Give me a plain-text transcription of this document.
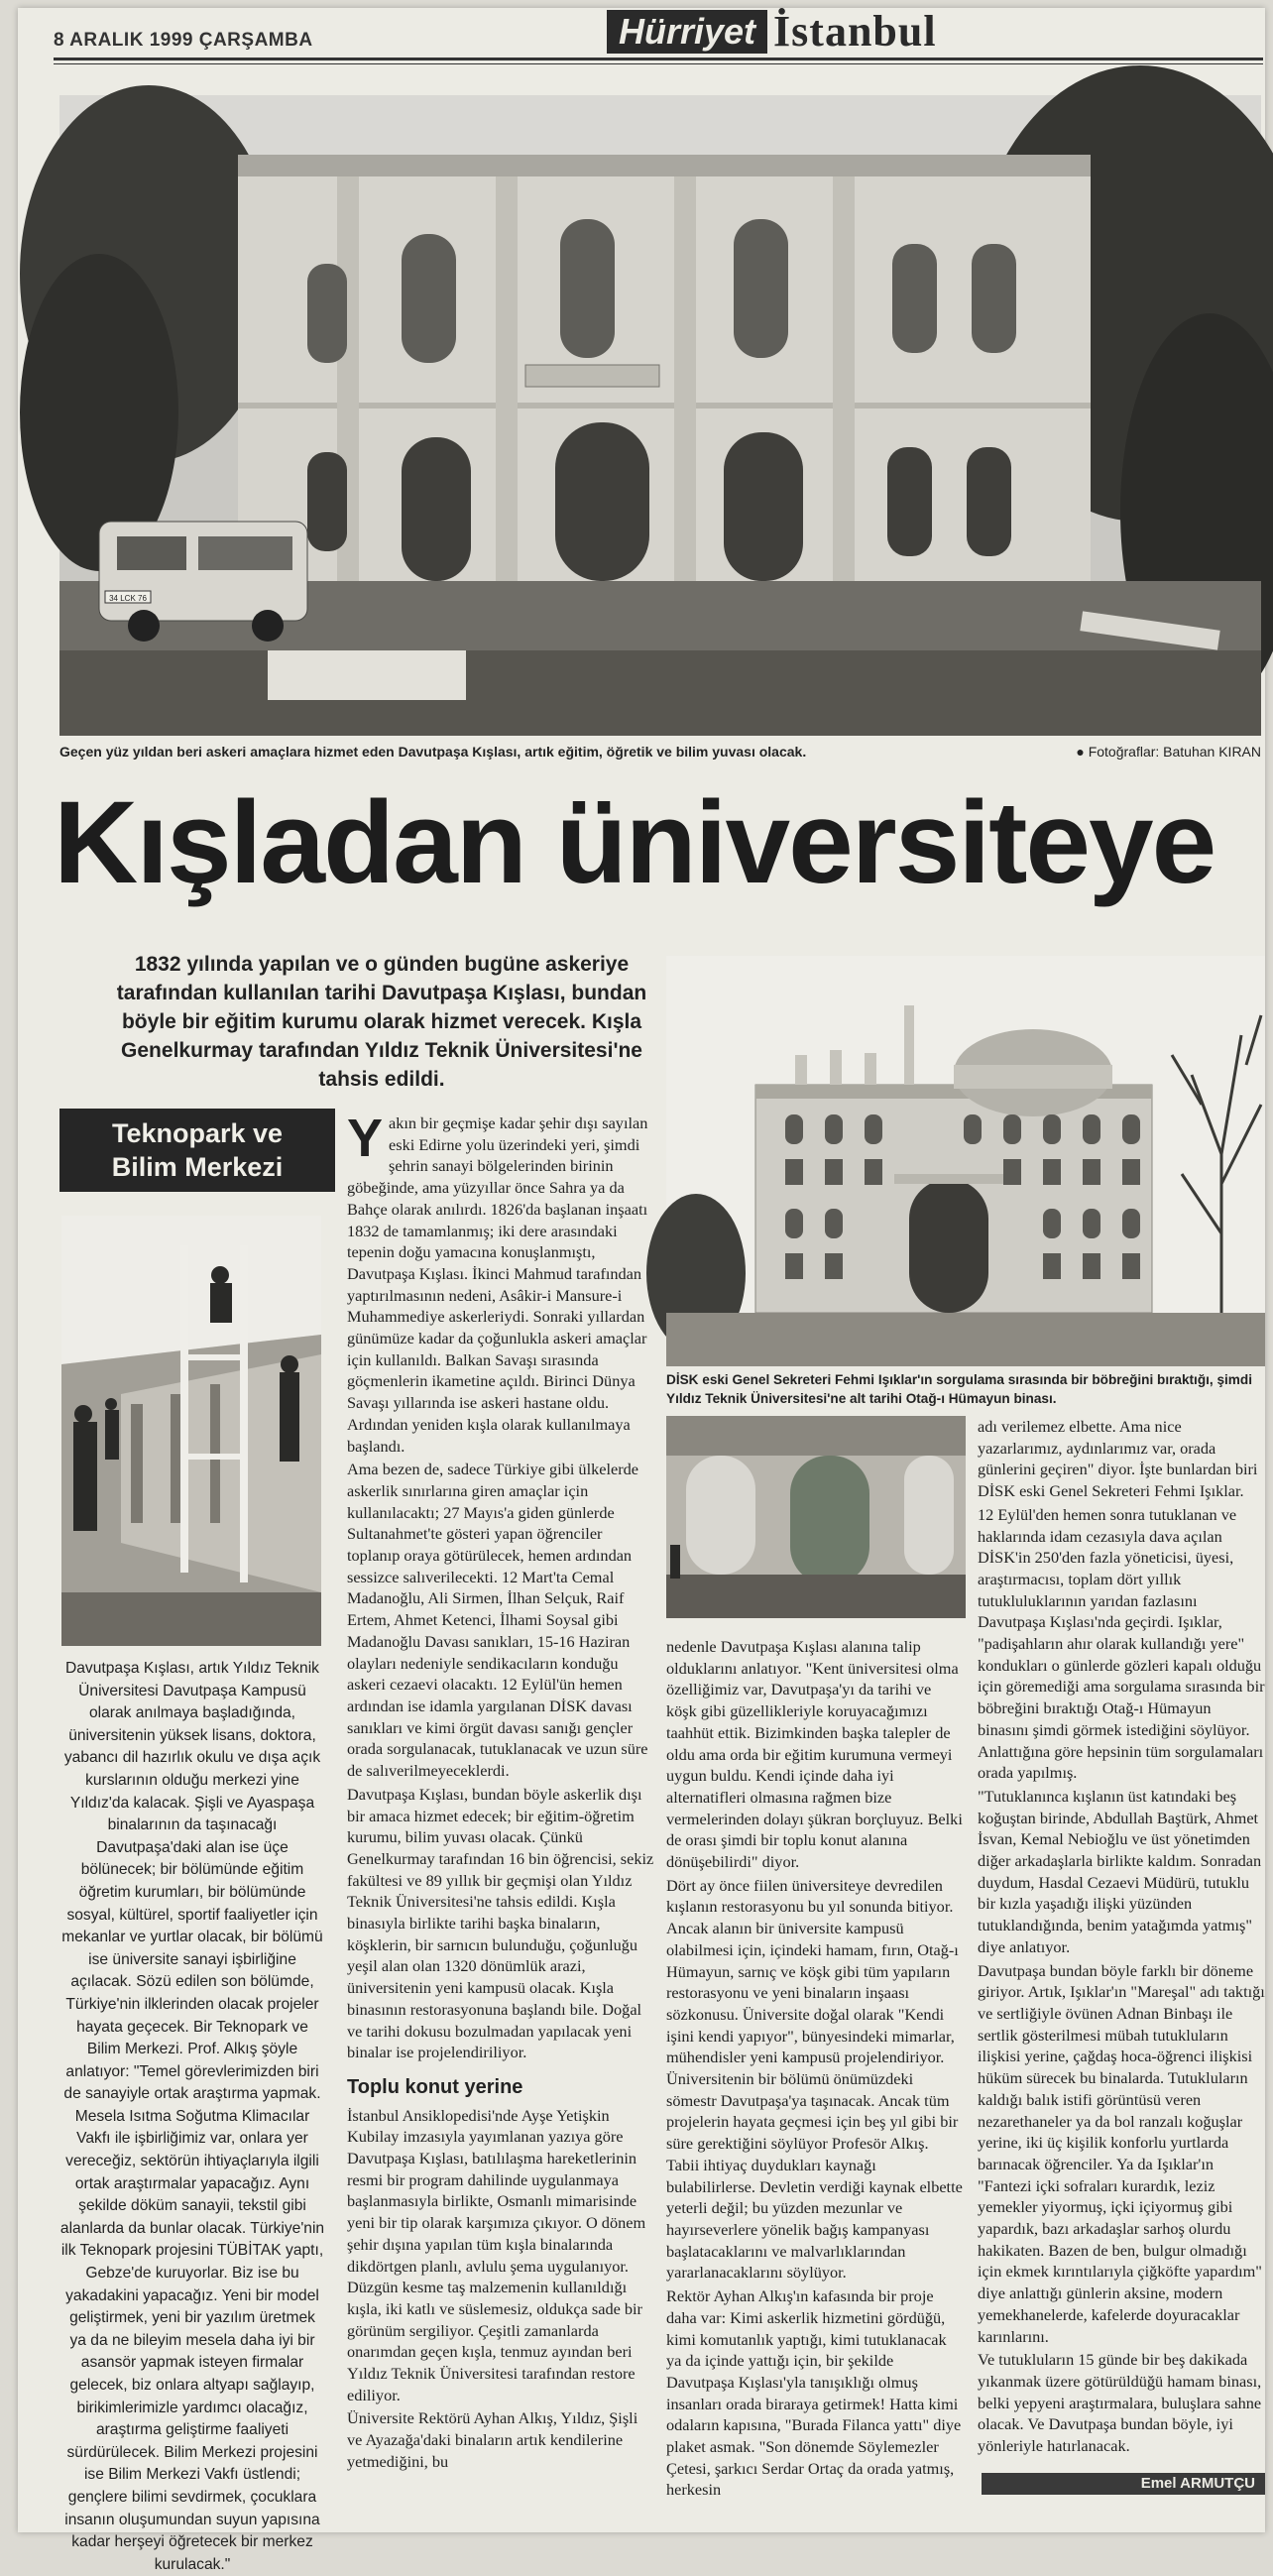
8 ARALIK 1999 ÇARŞAMBA	Hürriyet İstanbul
34 LCK 76
Geçen yüz yıldan beri askeri amaçlara hizmet eden Davutpaşa Kışlası, artık eğitim, öğretik ve bilim yuvası olacak.	● Fotoğraflar: Batuhan KIRAN
Kışladan üniversiteye
1832 yılında yapılan ve o günden bugüne askeriye tarafından kullanılan tarihi Davutpaşa Kışlası, bundan böyle bir eğitim kurumu olarak hizmet verecek. Kışla Genelkurmay tarafından Yıldız Teknik Üniversitesi'ne tahsis edildi.
Teknopark ve
Bilim Merkezi
Davutpaşa Kışlası, artık Yıldız Teknik Üniversitesi Davutpaşa Kampusü olarak anılmaya başladığında, üniversitenin yüksek lisans, doktora, yabancı dil hazırlık okulu ve dışa açık kurslarının olduğu merkezi yine Yıldız'da kalacak. Şişli ve Ayaspaşa binalarının da taşınacağı Davutpaşa'daki alan ise üçe bölünecek; bir bölümünde eğitim öğretim kurumları, bir bölümünde sosyal, kültürel, sportif faaliyetler için mekanlar ve yurtlar olacak, bir bölümü ise üniversite sanayi işbirliğine açılacak. Sözü edilen son bölümde, Türkiye'nin ilklerinden olacak projeler hayata geçecek. Bir Teknopark ve Bilim Merkezi. Prof. Alkış şöyle anlatıyor: "Temel görevlerimizden biri de sanayiyle ortak araştırma yapmak. Mesela Isıtma Soğutma Klimacılar Vakfı ile işbirliğimiz var, onlara yer vereceğiz, sektörün ihtiyaçlarıyla ilgili ortak araştırmalar yapacağız. Aynı şekilde döküm sanayii, tekstil gibi alanlarda da bunlar olacak. Türkiye'nin ilk Teknopark projesini TÜBİTAK yaptı, Gebze'de kuruyorlar. Biz ise bu yakadakini yapacağız. Yeni bir model geliştirmek, yeni bir yazılım üretmek ya da ne bileyim mesela daha iyi bir asansör yapmak isteyen firmalar gelecek, biz onlara altyapı sağlayıp, birikimlerimizle yardımcı olacağız, araştırma geliştirme faaliyeti sürdürülecek. Bilim Merkezi projesini ise Bilim Merkezi Vakfı üstlendi; gençlere bilimi sevdirmek, çocuklara insanın oluşumundan suyun yapısına kadar herşeyi öğretecek bir merkez kurulacak."

Yakın bir geçmişe kadar şehir dışı sayılan eski Edirne yolu üzerindeki yeri, şimdi şehrin sanayi bölgelerinden birinin göbeğinde, ama yüzyıllar önce Sahra ya da Bahçe olarak anılırdı. 1826'da başlanan inşaatı 1832 de tamamlanmış; iki dere arasındaki tepenin doğu yamacına konuşlanmıştı, Davutpaşa Kışlası. İkinci Mahmud tarafından yaptırılmasının nedeni, Asâkir-i Mansure-i Muhammediye askerleriydi. Sonraki yıllardan günümüze kadar da çoğunlukla askeri amaçlar için kullanıldı. Balkan Savaşı sırasında göçmenlerin ikametine açıldı. Birinci Dünya Savaşı yıllarında ise askeri hastane oldu. Ardından yeniden kışla olarak kullanılmaya başlandı.

Ama bezen de, sadece Türkiye gibi ülkelerde askerlik sınırlarına giren amaçlar için kullanılacaktı; 27 Mayıs'a giden günlerde Sultanahmet'te gösteri yapan öğrenciler toplanıp oraya götürülecek, hemen ardından sessizce salıverilecekti. 12 Mart'ta Cemal Madanoğlu, Ali Sirmen, İlhan Selçuk, Raif Ertem, Ahmet Ketenci, İlhami Soysal gibi Madanoğlu Davası sanıkları, 15-16 Haziran olayları nedeniyle sendikacıların konduğu askeri cezaevi olacaktı. 12 Eylül'ün hemen ardından ise idamla yargılanan DİSK davası sanıkları ve kimi örgüt davası sanığı gençler orada sorgulanacak, tutuklanacak ve uzun süre de salıverilmeyeceklerdi.

Davutpaşa Kışlası, bundan böyle askerlik dışı bir amaca hizmet edecek; bir eğitim-öğretim kurumu, bilim yuvası olacak. Çünkü Genelkurmay tarafından 16 bin öğrencisi, sekiz fakültesi ve 89 yıllık bir geçmişi olan Yıldız Teknik Üniversitesi'ne tahsis edildi. Kışla binasıyla birlikte tarihi başka binaların, köşklerin, bir sarnıcın bulunduğu, çoğunluğu yeşil alan olan 1320 dönümlük arazi, üniversitenin yeni kampusü olacak. Kışla binasının restorasyonuna başlandı bile. Doğal ve tarihi dokusu bozulmadan yapılacak yeni binalar ise projelendiriliyor.

Toplu konut yerine

İstanbul Ansiklopedisi'nde Ayşe Yetişkin Kubilay imzasıyla yayımlanan yazıya göre Davutpaşa Kışlası, batılılaşma hareketlerinin resmi bir program dahilinde uygulanmaya başlanmasıyla birlikte, Osmanlı mimarisinde yeni bir tip olarak karşımıza çıkıyor. O dönem şehir dışına yapılan tüm kışla binalarında dikdörtgen planlı, avlulu şema uygulanıyor. Düzgün kesme taş malzemenin kullanıldığı kışla, iki katlı ve süslemesiz, oldukça sade bir görünüm sergiliyor. Çeşitli zamanlarda onarımdan geçen kışla, tenmuz ayından beri Yıldız Teknik Üniversitesi tarafından restore ediliyor.

Üniversite Rektörü Ayhan Alkış, Yıldız, Şişli ve Ayazağa'daki binaların artık kendilerine yetmediğini, bu

DİSK eski Genel Sekreteri Fehmi Işıklar'ın sorgulama sırasında bir böbreğini bıraktığı, şimdi Yıldız Teknik Üniversitesi'ne alt tarihi Otağ-ı Hümayun binası.

nedenle Davutpaşa Kışlası alanına talip olduklarını anlatıyor. "Kent üniversitesi olma özelliğimiz var, Davutpaşa'yı da tarihi ve köşk gibi güzellikleriyle koruyacağımızı taahhüt ettik. Bizimkinden başka talepler de oldu ama orda bir eğitim kurumuna vermeyi uygun buldu. Kendi içinde daha iyi alternatifleri olmasına rağmen bize vermelerinden dolayı şükran borçluyuz. Belki de orası şimdi bir toplu konut alanına dönüşebilirdi" diyor.

Dört ay önce fiilen üniversiteye devredilen kışlanın restorasyonu bu yıl sonunda bitiyor. Ancak alanın bir üniversite kampusü olabilmesi için, içindeki hamam, fırın, Otağ-ı Hümayun, sarnıç ve köşk gibi tüm yapıların restorasyonu ve yeni binaların inşaası sözkonusu. Üniversite doğal olarak "Kendi işini kendi yapıyor", bünyesindeki mimarlar, mühendisler yeni kampusü projelendiriyor. Üniversitenin bir bölümü önümüzdeki sömestr Davutpaşa'ya taşınacak. Ancak tüm projelerin hayata geçmesi için beş yıl gibi bir süre gerektiğini söylüyor Profesör Alkış. Tabii ihtiyaç duydukları kaynağı bulabilirlerse. Devletin verdiği kaynak elbette yeterli değil; bu yüzden mezunlar ve hayırseverlere yönelik bağış kampanyası başlatacaklarını ve malvarlıklarından yararlanacaklarını söylüyor.

Rektör Ayhan Alkış'ın kafasında bir proje daha var: Kimi askerlik hizmetini gördüğü, kimi komutanlık yaptığı, kimi tutuklanacak ya da içinde yattığı için, bir şekilde Davutpaşa Kışlası'yla tanışıklığı olmuş insanları orada biraraya getirmek! Hatta kimi odaların kapısına, "Burada Filanca yattı" diye plaket asmak. "Son dönemde Söylemezler Çetesi, şarkıcı Serdar Ortaç da orada yatmış, herkesin

adı verilemez elbette. Ama nice yazarlarımız, aydınlarımız var, orada günlerini geçiren" diyor. İşte bunlardan biri DİSK eski Genel Sekreteri Fehmi Işıklar.

12 Eylül'den hemen sonra tutuklanan ve haklarında idam cezasıyla dava açılan DİSK'in 250'den fazla yöneticisi, üyesi, araştırmacısı, toplam dört yıllık tutukluluklarının yarıdan fazlasını Davutpaşa Kışlası'nda geçirdi. Işıklar, "padişahların ahır olarak kullandığı yere" kondukları o günlerde gözleri kapalı olduğu için göremediği ama sorgulama sırasında bir böbreğini bıraktığı Otağ-ı Hümayun binasını şimdi görmek istediğini söylüyor. Anlattığına göre hepsinin tüm sorgulamaları orada yapılmış.

"Tutuklanınca kışlanın üst katındaki beş koğuştan birinde, Abdullah Baştürk, Ahmet İsvan, Kemal Nebioğlu ve üst yönetimden diğer arkadaşlarla birlikte kaldım. Sonradan duydum, Hasdal Cezaevi Müdürü, tutuklu bir kızla yaşadığı ilişki yüzünden tutuklandığında, benim yatağımda yatmış" diye anlatıyor.

Davutpaşa bundan böyle farklı bir döneme giriyor. Artık, Işıklar'ın "Mareşal" adı taktığı ve sertliğiyle övünen Adnan Binbaşı ile sertlik gösterilmesi mübah tutukluların ilişkisi yerine, çağdaş hoca-öğrenci ilişkisi hüküm sürecek bu binalarda. Tutukluların kaldığı balık istifi görüntüsü veren nezarethaneler ya da bol ranzalı koğuşlar yerine, iki üç kişilik konforlu yurtlarda barınacak öğrenciler. Ya da Işıklar'ın "Fantezi içki sofraları kurardık, leziz yemekler yiyormuş, içki içiyormuş gibi yapardık, bazı arkadaşlar sarhoş olurdu hakikaten. Bazen de ben, bulgur olmadığı için ekmek kırıntılarıyla çiğköfte yapardım" diye anlattığı günlerin aksine, modern yemekhanelerde, kafelerde doyuracaklar karınlarını.

Ve tutukluların 15 günde bir beş dakikada yıkanmak üzere götürüldüğü hamam binası, belki yepyeni araştırmalara, buluşlara sahne olacak. Ve Davutpaşa bundan böyle, iyi yönleriyle hatırlanacak.

Emel ARMUTÇU
